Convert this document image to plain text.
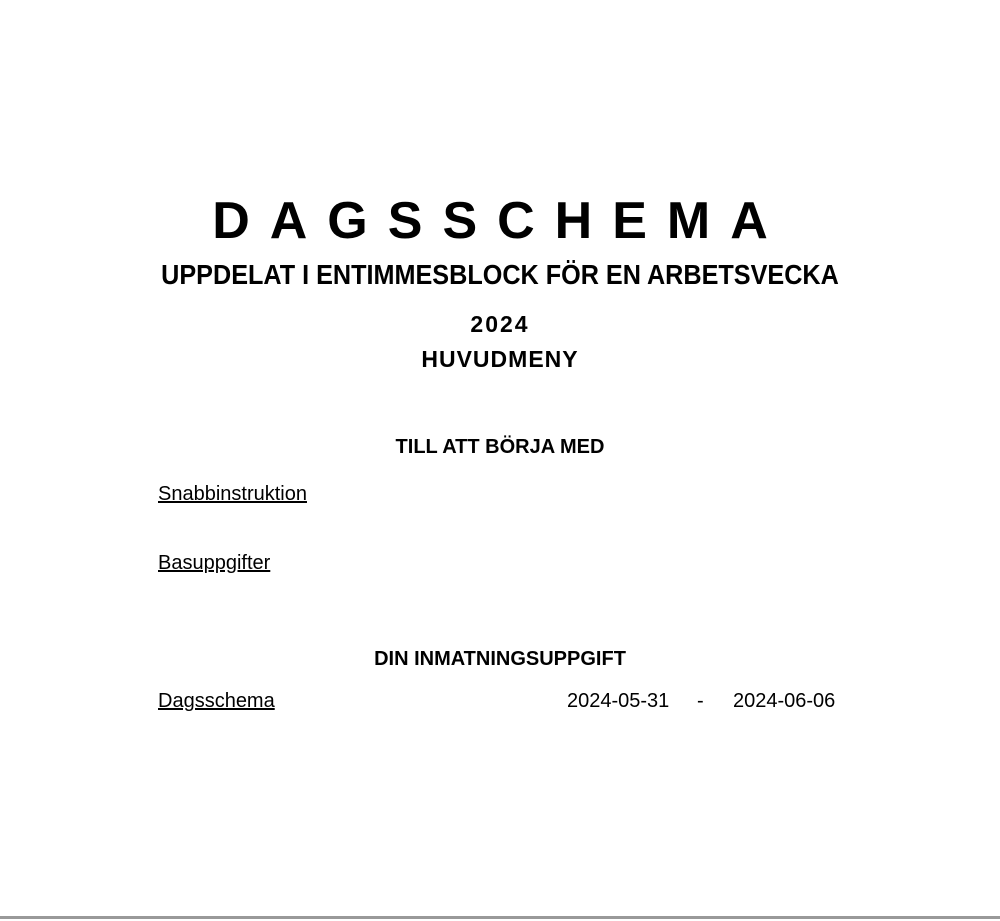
DAGSSCHEMA
UPPDELAT I ENTIMMESBLOCK FÖR EN ARBETSVECKA
2024
HUVUDMENY
TILL ATT BÖRJA MED
Snabbinstruktion
Basuppgifter
DIN INMATNINGSUPPGIFT
Dagsschema	2024-05-31 - 2024-06-06
